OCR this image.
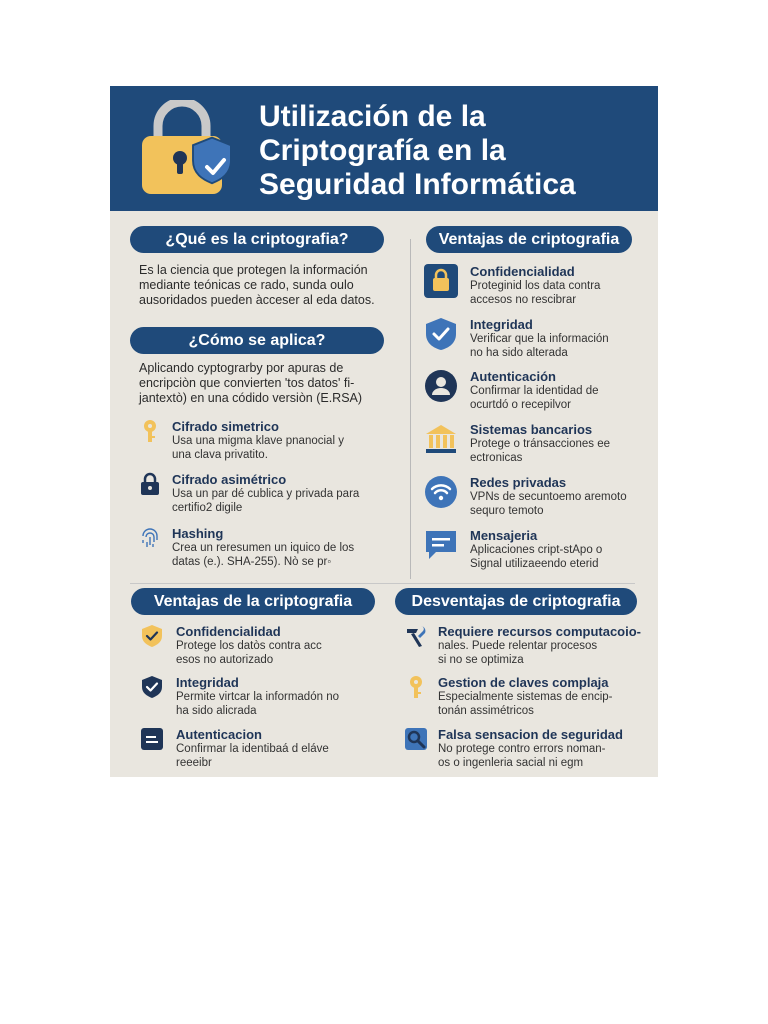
Utilización de la
Criptografía en la
Seguridad Informática
¿Qué es la criptografia?
Es la ciencia que protegen la información
mediante teónicas ce rado, sunda oulo
ausoridados pueden àcceser al eda datos.
¿Cómo se aplica?
Aplicando cyptograrby por apuras de
encripciòn que convierten 'tos datos' fi-
jantextò) en una códido versiòn (E.RSA)
Cifrado simetrico
Usa una migma klave pnanocial y
una clava privatito.
Cifrado asimétrico
Usa un par dé cublica y privada para
certifio2 digile
Hashing
Crea un reresumen un iquico de los
datas (e.). SHA-255). Nò se pr◦
Ventajas de criptografia
Confidencialidad
Proteginid los data contra
accesos no rescibrar
Integridad
Verificar que la información
no ha sido alterada
Autenticación
Confirmar la identidad de
ocurtdó o recepilvor
Sistemas bancarios
Protege o tránsacciones ee
ectronicas
Redes privadas
VPNs de secuntoemo aremoto
sequro temoto
Mensajeria
Aplicaciones cript-stApo o
Signal utilizaeendo eterid
Ventajas de la criptografia
Confidencialidad
Protege los datòs contra acc
esos no autorizado
Integridad
Permite virtcar la informadón no
ha sido alicrada
Autenticacion
Confirmar la identibaá d eláve
reeeibr
Desventajas de criptografia
Requiere recursos computacoio-
nales. Puede relentar procesos
si no se optimiza
Gestion de claves complaja
Especialmente sistemas de encip-
tonán assimétricos
Falsa sensacion de seguridad
No protege contro errors noman-
os o ingenleria sacial ni egm
